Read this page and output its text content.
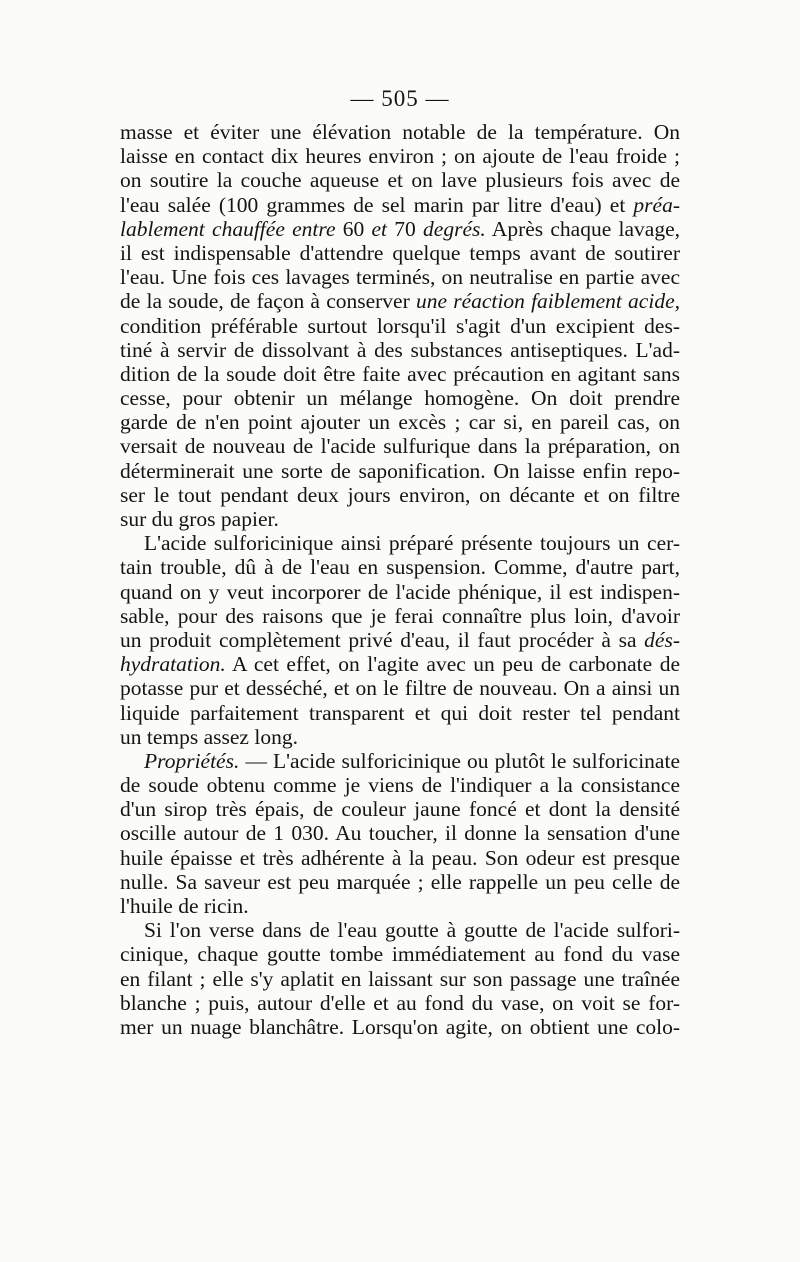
— 505 —
masse et éviter une élévation notable de la température. On
laisse en contact dix heures environ ; on ajoute de l'eau froide ;
on soutire la couche aqueuse et on lave plusieurs fois avec de
l'eau salée (100 grammes de sel marin par litre d'eau) et préa-
lablement chauffée entre 60 et 70 degrés. Après chaque lavage,
il est indispensable d'attendre quelque temps avant de soutirer
l'eau. Une fois ces lavages terminés, on neutralise en partie avec
de la soude, de façon à conserver une réaction faiblement acide,
condition préférable surtout lorsqu'il s'agit d'un excipient des-
tiné à servir de dissolvant à des substances antiseptiques. L'ad-
dition de la soude doit être faite avec précaution en agitant sans
cesse, pour obtenir un mélange homogène. On doit prendre
garde de n'en point ajouter un excès ; car si, en pareil cas, on
versait de nouveau de l'acide sulfurique dans la préparation, on
déterminerait une sorte de saponification. On laisse enfin repo-
ser le tout pendant deux jours environ, on décante et on filtre
sur du gros papier.
L'acide sulforicinique ainsi préparé présente toujours un cer-
tain trouble, dû à de l'eau en suspension. Comme, d'autre part,
quand on y veut incorporer de l'acide phénique, il est indispen-
sable, pour des raisons que je ferai connaître plus loin, d'avoir
un produit complètement privé d'eau, il faut procéder à sa dés-
hydratation. A cet effet, on l'agite avec un peu de carbonate de
potasse pur et desséché, et on le filtre de nouveau. On a ainsi un
liquide parfaitement transparent et qui doit rester tel pendant
un temps assez long.
Propriétés. — L'acide sulforicinique ou plutôt le sulforicinate
de soude obtenu comme je viens de l'indiquer a la consistance
d'un sirop très épais, de couleur jaune foncé et dont la densité
oscille autour de 1 030. Au toucher, il donne la sensation d'une
huile épaisse et très adhérente à la peau. Son odeur est presque
nulle. Sa saveur est peu marquée ; elle rappelle un peu celle de
l'huile de ricin.
Si l'on verse dans de l'eau goutte à goutte de l'acide sulfori-
cinique, chaque goutte tombe immédiatement au fond du vase
en filant ; elle s'y aplatit en laissant sur son passage une traînée
blanche ; puis, autour d'elle et au fond du vase, on voit se for-
mer un nuage blanchâtre. Lorsqu'on agite, on obtient une colo-
